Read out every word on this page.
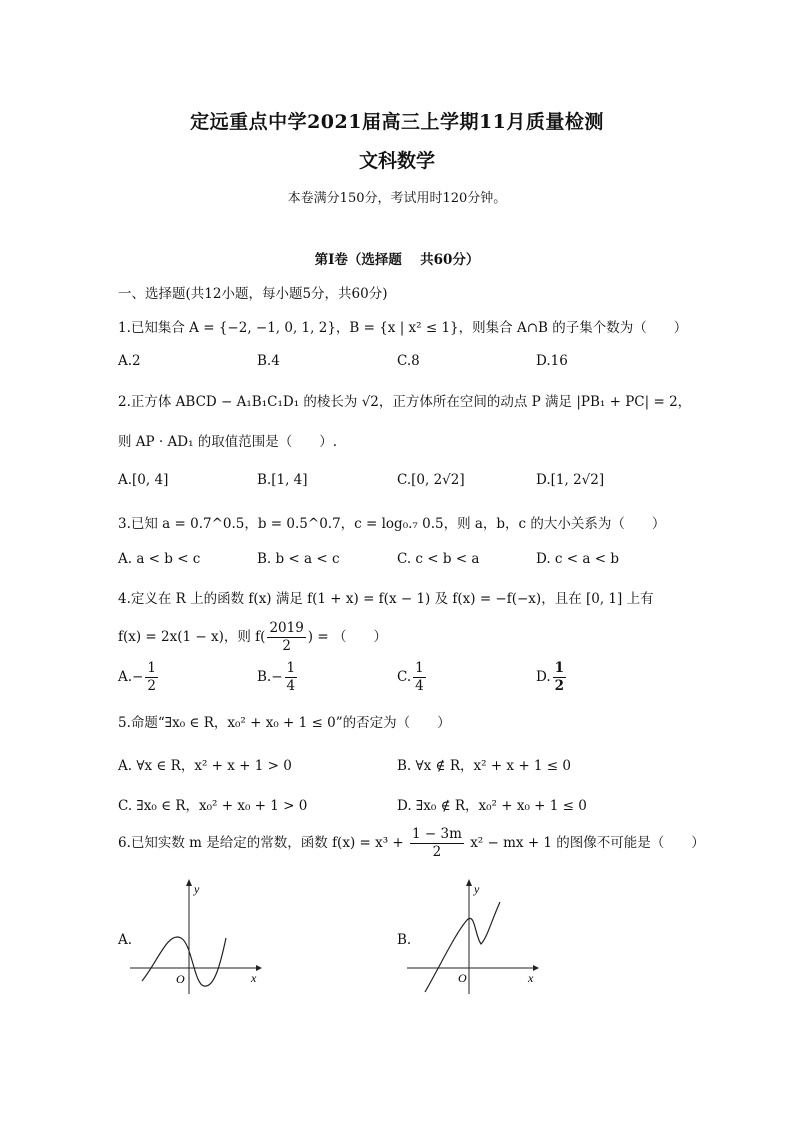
定远重点中学2021届高三上学期11月质量检测
文科数学
本卷满分150分，考试用时120分钟。
第Ⅰ卷（选择题　 共60分）
一、选择题(共12小题，每小题5分，共60分)
1.已知集合 A = {−2, −1, 0, 1, 2}，B = {x | x² ≤ 1}，则集合 A∩B 的子集个数为（　　）
A.2	B.4	C.8	D.16
2.正方体 ABCD − A₁B₁C₁D₁ 的棱长为 √2，正方体所在空间的动点 P 满足 |PB₁ + PC| = 2，
则 AP · AD₁ 的取值范围是（　　）.
A.[0, 4]	B.[1, 4]	C.[0, 2√2]	D.[1, 2√2]
3.已知 a = 0.7^0.5，b = 0.5^0.7，c = log₀.₇ 0.5，则 a，b，c 的大小关系为（　　）
A. a < b < c	B. b < a < c	C. c < b < a	D. c < a < b
4.定义在 R 上的函数 f(x) 满足 f(1 + x) = f(x − 1) 及 f(x) = −f(−x)，且在 [0, 1] 上有
f(x) = 2x(1 − x)，则 $f( \frac{2019}{2}$ ) = （　　）
$A.- \frac{1}{2}$	$B.- \frac{1}{4}$	C. $\frac{1}{4}$	D. $\frac{1}{2}$
5.命题“∃x₀ ∈ R，x₀² + x₀ + 1 ≤ 0”的否定为（　　）
A. ∀x ∈ R，x² + x + 1 > 0	B. ∀x ∉ R，x² + x + 1 ≤ 0
C. ∃x₀ ∈ R，x₀² + x₀ + 1 > 0	D. ∃x₀ ∉ R，x₀² + x₀ + 1 ≤ 0
6.已知实数 m 是给定的常数，函数 $f(x) = x^3 + \frac{1 - 3m}{2} x^2$ − mx + 1 的图像不可能是（　　）
A.
y
x
O
B.
y
x
O
